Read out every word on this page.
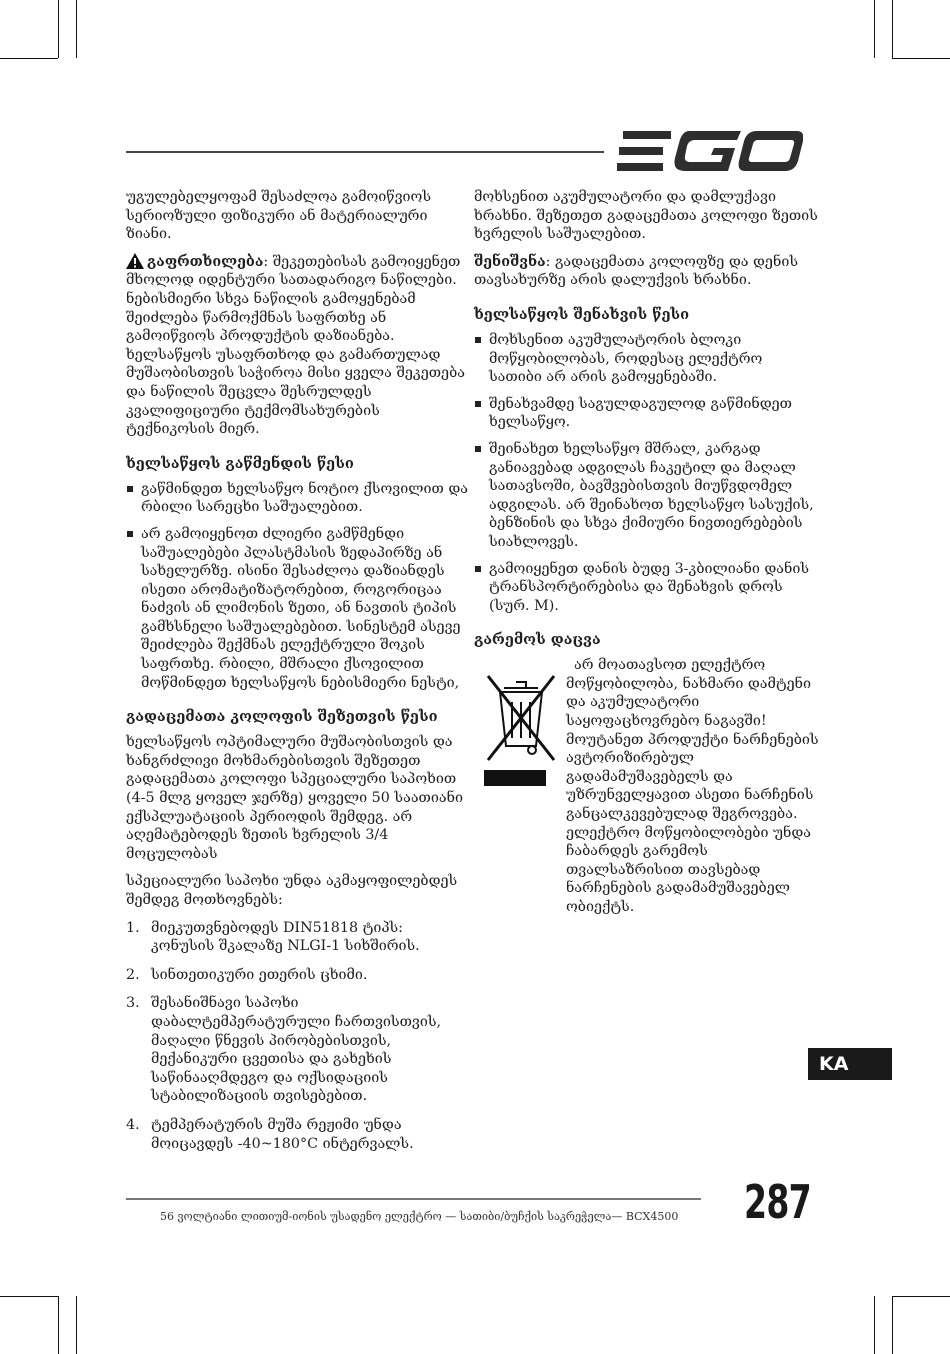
უგულებელყოფამ შესაძლოა გამოიწვიოს სერიოზული ფიზიკური ან მატერიალური ზიანი.

გაფრთხილება: შეკეთებისას გამოიყენეთ მხოლოდ იდენტური სათადარიგო ნაწილები. ნებისმიერი სხვა ნაწილის გამოყენებამ შეიძლება წარმოქმნას საფრთხე ან გამოიწვიოს პროდუქტის დაზიანება. ხელსაწყოს უსაფრთხოდ და გამართულად მუშაობისთვის საჭიროა მისი ყველა შეკეთება და ნაწილის შეცვლა შესრულდეს კვალიფიციური ტექმომსახურების ტექნიკოსის მიერ.

ხელსაწყოს გაწმენდის წესი
გაწმინდეთ ხელსაწყო ნოტიო ქსოვილით და რბილი სარეცხი საშუალებით.
არ გამოიყენოთ ძლიერი გამწმენდი საშუალებები პლასტმასის ზედაპირზე ან სახელურზე. ისინი შესაძლოა დაზიანდეს ისეთი არომატიზატორებით, როგორიცაა ნაძვის ან ლიმონის ზეთი, ან ნავთის ტიპის გამხსნელი საშუალებებით. სინესტემ ასევე შეიძლება შექმნას ელექტრული შოკის საფრთხე. რბილი, მშრალი ქსოვილით მოწმინდეთ ხელსაწყოს ნებისმიერი ნესტი,
გადაცემათა კოლოფის შეზეთვის წესი

ხელსაწყოს ოპტიმალური მუშაობისთვის და ხანგრძლივი მოხმარებისთვის შეზეთეთ გადაცემათა კოლოფი სპეციალური საპოხით (4-5 მლგ ყოველ ჯერზე) ყოველი 50 საათიანი ექსპლუატაციის პერიოდის შემდეგ. არ აღემატებოდეს ზეთის ხვრელის 3/4 მოცულობას

სპეციალური საპოხი უნდა აკმაყოფილებდეს შემდეგ მოთხოვნებს:

1. მიეკუთვნებოდეს DIN51818 ტიპს: კონუსის შკალაზე NLGI-1 სიხშირის.
2. სინთეთიკური ეთერის ცხიმი.
3. შესანიშნავი საპოხი დაბალტემპერატურული ჩართვისთვის, მაღალი წნევის პირობებისთვის, მექანიკური ცვეთისა და გახეხის საწინააღმდეგო და ოქსიდაციის სტაბილიზაციის თვისებებით.
4. ტემპერატურის მუშა რეჟიმი უნდა მოიცავდეს -40~180°C ინტერვალს.

მოხსენით აკუმულატორი და დამლუქავი ხრახნი. შეზეთეთ გადაცემათა კოლოფი ზეთის ხვრელის საშუალებით.

შენიშვნა: გადაცემათა კოლოფზე და დენის თავსახურზე არის დალუქვის ხრახნი.

ხელსაწყოს შენახვის წესი
მოხსენით აკუმულატორის ბლოკი მოწყობილობას, როდესაც ელექტრო სათიბი არ არის გამოყენებაში.
შენახვამდე საგულდაგულოდ გაწმინდეთ ხელსაწყო.
შეინახეთ ხელსაწყო მშრალ, კარგად განიავებად ადგილას ჩაკეტილ და მაღალ სათავსოში, ბავშვებისთვის მიუწვდომელ ადგილას. არ შეინახოთ ხელსაწყო სასუქის, ბენზინის და სხვა ქიმიური ნივთიერებების სიახლოვეს.
გამოიყენეთ დანის ბუდე 3-კბილიანი დანის ტრანსპორტირებისა და შენახვის დროს (სურ. M).
გარემოს დაცვა
არ მოათავსოთ ელექტრო
მოწყობილობა, ნახმარი დამტენი და აკუმულატორი საყოფაცხოვრებო ნაგავში! მოუტანეთ პროდუქტი ნარჩენების ავტორიზირებულ გადამამუშავებელს და უზრუნველყავით ასეთი ნარჩენის განცალკევებულად შეგროვება. ელექტრო მოწყობილობები უნდა ჩაბარდეს გარემოს თვალსაზრისით თავსებად ნარჩენების გადამამუშავებელ ობიექტს.
KA
56 ვოლტიანი ლითიუმ-იონის უსადენო ელექტრო — სათიბი/ბუჩქის საკრეჭელა— BCX4500 287
